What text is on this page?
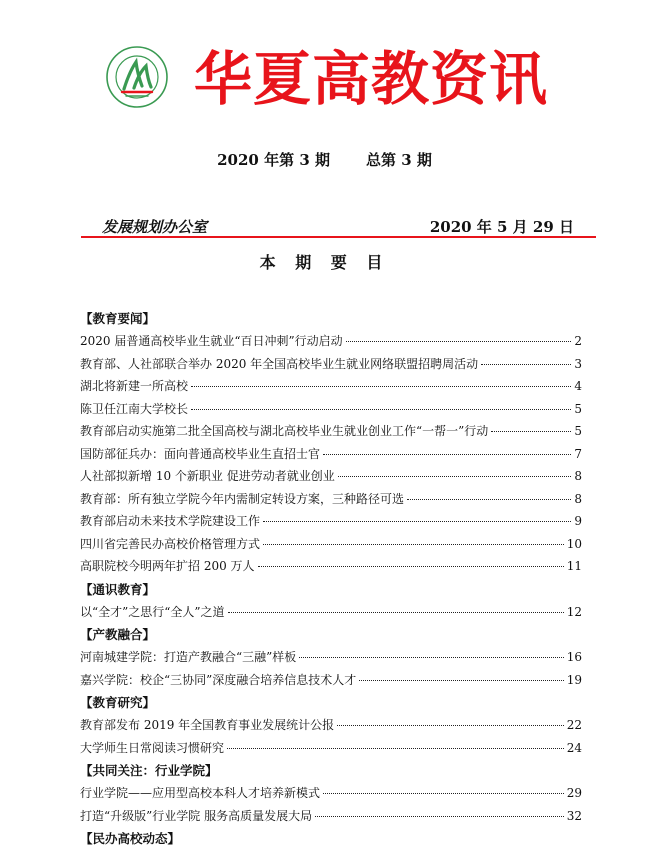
华夏高教资讯
2020 年第 3 期 总第 3 期
发展规划办公室	2020 年 5 月 29 日
本 期 要 目
【教育要闻】
2020 届普通高校毕业生就业“百日冲刺”行动启动	2
教育部、人社部联合举办 2020 年全国高校毕业生就业网络联盟招聘周活动	3
湖北将新建一所高校	4
陈卫任江南大学校长	5
教育部启动实施第二批全国高校与湖北高校毕业生就业创业工作“一帮一”行动	5
国防部征兵办：面向普通高校毕业生直招士官	7
人社部拟新增 10 个新职业 促进劳动者就业创业	8
教育部：所有独立学院今年内需制定转设方案，三种路径可选	8
教育部启动未来技术学院建设工作	9
四川省完善民办高校价格管理方式	10
高职院校今明两年扩招 200 万人	11
【通识教育】
以“全才”之思行“全人”之道	12
【产教融合】
河南城建学院：打造产教融合“三融”样板	16
嘉兴学院：校企“三协同”深度融合培养信息技术人才	19
【教育研究】
教育部发布 2019 年全国教育事业发展统计公报	22
大学师生日常阅读习惯研究	24
【共同关注：行业学院】
行业学院——应用型高校本科人才培养新模式	29
打造“升级版”行业学院 服务高质量发展大局	32
【民办高校动态】
